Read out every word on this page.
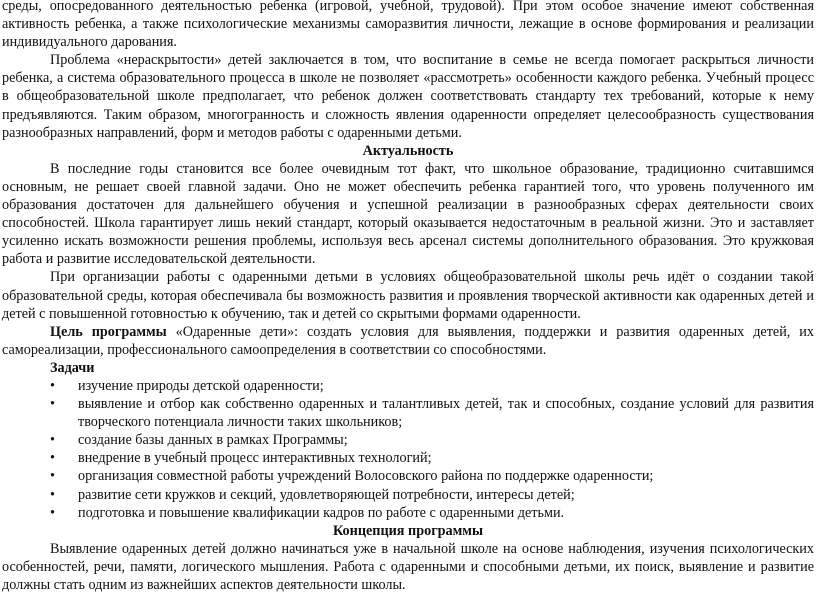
среды, опосредованного деятельностью ребенка (игровой, учебной, трудовой). При этом особое значение имеют собственная активность ребенка, а также психологические механизмы саморазвития личности, лежащие в основе формирования и реализации индивидуального дарования.

Проблема «нераскрытости» детей заключается в том, что воспитание в семье не всегда помогает раскрыться личности ребенка, а система образовательного процесса в школе не позволяет «рассмотреть» особенности каждого ребенка. Учебный процесс в общеобразовательной школе предполагает, что ребенок должен соответствовать стандарту тех требований, которые к нему предъявляются. Таким образом, многогранность и сложность явления одаренности определяет целесообразность существования разнообразных направлений, форм и методов работы с одаренными детьми.

Актуальность

В последние годы становится все более очевидным тот факт, что школьное образование, традиционно считавшимся основным, не решает своей главной задачи. Оно не может обеспечить ребенка гарантией того, что уровень полученного им образования достаточен для дальнейшего обучения и успешной реализации в разнообразных сферах деятельности своих способностей. Школа гарантирует лишь некий стандарт, который оказывается недостаточным в реальной жизни. Это и заставляет усиленно искать возможности решения проблемы, используя весь арсенал системы дополнительного образования. Это кружковая работа и развитие исследовательской деятельности.

При организации работы с одаренными детьми в условиях общеобразовательной школы речь идёт о создании такой образовательной среды, которая обеспечивала бы возможность развития и проявления творческой активности как одаренных детей и детей с повышенной готовностью к обучению, так и детей со скрытыми формами одаренности.

Цель программы «Одаренные дети»: создать условия для выявления, поддержки и развития одаренных детей, их самореализации, профессионального самоопределения в соответствии со способностями.

Задачи

• изучение природы детской одаренности;
• выявление и отбор как собственно одаренных и талантливых детей, так и способных, создание условий для развития творческого потенциала личности таких школьников;
• создание базы данных в рамках Программы;
• внедрение в учебный процесс интерактивных технологий;
• организация совместной работы учреждений Волосовского района по поддержке одаренности;
• развитие сети кружков и секций, удовлетворяющей потребности, интересы детей;
• подготовка и повышение квалификации кадров по работе с одаренными детьми.

Концепция программы

Выявление одаренных детей должно начинаться уже в начальной школе на основе наблюдения, изучения психологических особенностей, речи, памяти, логического мышления. Работа с одаренными и способными детьми, их поиск, выявление и развитие должны стать одним из важнейших аспектов деятельности школы.
